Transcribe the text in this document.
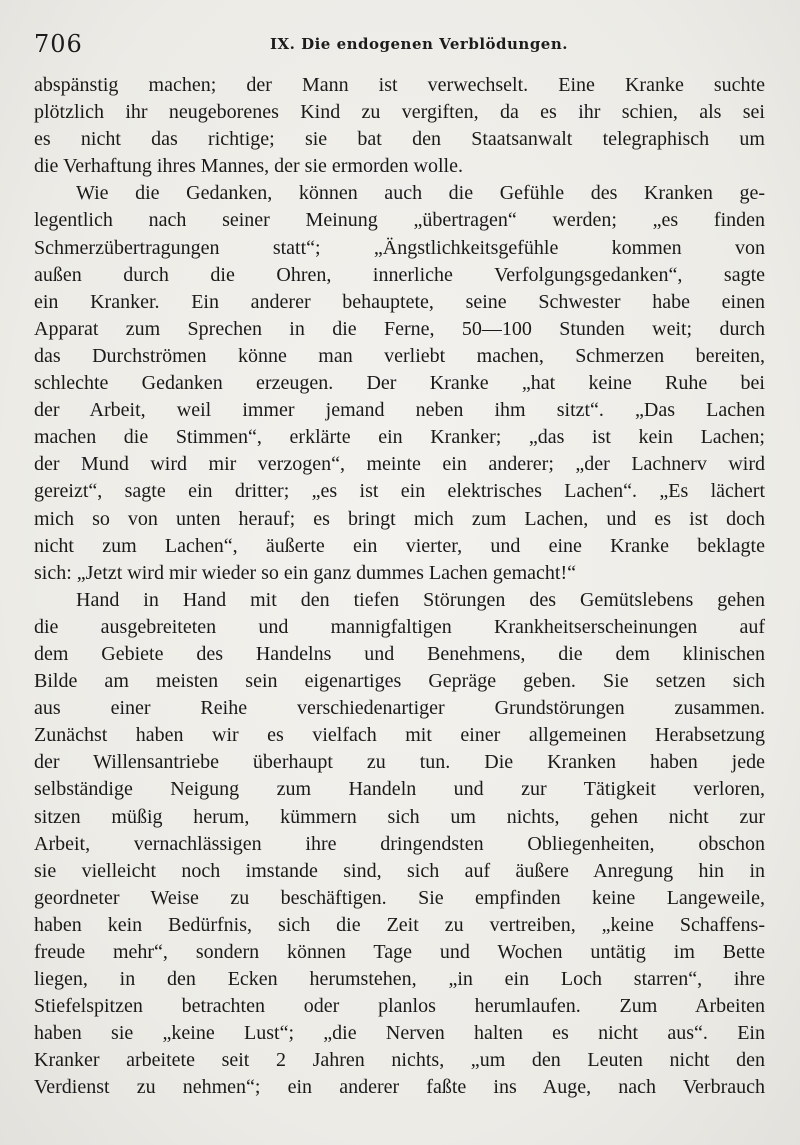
706	IX. Die endogenen Verblödungen.
abspänstig machen; der Mann ist verwechselt. Eine Kranke suchte
plötzlich ihr neugeborenes Kind zu vergiften, da es ihr schien, als sei
es nicht das richtige; sie bat den Staatsanwalt telegraphisch um
die Verhaftung ihres Mannes, der sie ermorden wolle.
Wie die Gedanken, können auch die Gefühle des Kranken ge-
legentlich nach seiner Meinung „übertragen“ werden; „es finden
Schmerzübertragungen statt“; „Ängstlichkeitsgefühle kommen von
außen durch die Ohren, innerliche Verfolgungsgedanken“, sagte
ein Kranker. Ein anderer behauptete, seine Schwester habe einen
Apparat zum Sprechen in die Ferne, 50—100 Stunden weit; durch
das Durchströmen könne man verliebt machen, Schmerzen bereiten,
schlechte Gedanken erzeugen. Der Kranke „hat keine Ruhe bei
der Arbeit, weil immer jemand neben ihm sitzt“. „Das Lachen
machen die Stimmen“, erklärte ein Kranker; „das ist kein Lachen;
der Mund wird mir verzogen“, meinte ein anderer; „der Lachnerv wird
gereizt“, sagte ein dritter; „es ist ein elektrisches Lachen“. „Es lächert
mich so von unten herauf; es bringt mich zum Lachen, und es ist doch
nicht zum Lachen“, äußerte ein vierter, und eine Kranke beklagte
sich: „Jetzt wird mir wieder so ein ganz dummes Lachen gemacht!“
Hand in Hand mit den tiefen Störungen des Gemütslebens gehen
die ausgebreiteten und mannigfaltigen Krankheitserscheinungen auf
dem Gebiete des Handelns und Benehmens, die dem klinischen
Bilde am meisten sein eigenartiges Gepräge geben. Sie setzen sich
aus einer Reihe verschiedenartiger Grundstörungen zusammen.
Zunächst haben wir es vielfach mit einer allgemeinen Herabsetzung
der Willensantriebe überhaupt zu tun. Die Kranken haben jede
selbständige Neigung zum Handeln und zur Tätigkeit verloren,
sitzen müßig herum, kümmern sich um nichts, gehen nicht zur
Arbeit, vernachlässigen ihre dringendsten Obliegenheiten, obschon
sie vielleicht noch imstande sind, sich auf äußere Anregung hin in
geordneter Weise zu beschäftigen. Sie empfinden keine Langeweile,
haben kein Bedürfnis, sich die Zeit zu vertreiben, „keine Schaffens-
freude mehr“, sondern können Tage und Wochen untätig im Bette
liegen, in den Ecken herumstehen, „in ein Loch starren“, ihre
Stiefelspitzen betrachten oder planlos herumlaufen. Zum Arbeiten
haben sie „keine Lust“; „die Nerven halten es nicht aus“. Ein
Kranker arbeitete seit 2 Jahren nichts, „um den Leuten nicht den
Verdienst zu nehmen“; ein anderer faßte ins Auge, nach Verbrauch
